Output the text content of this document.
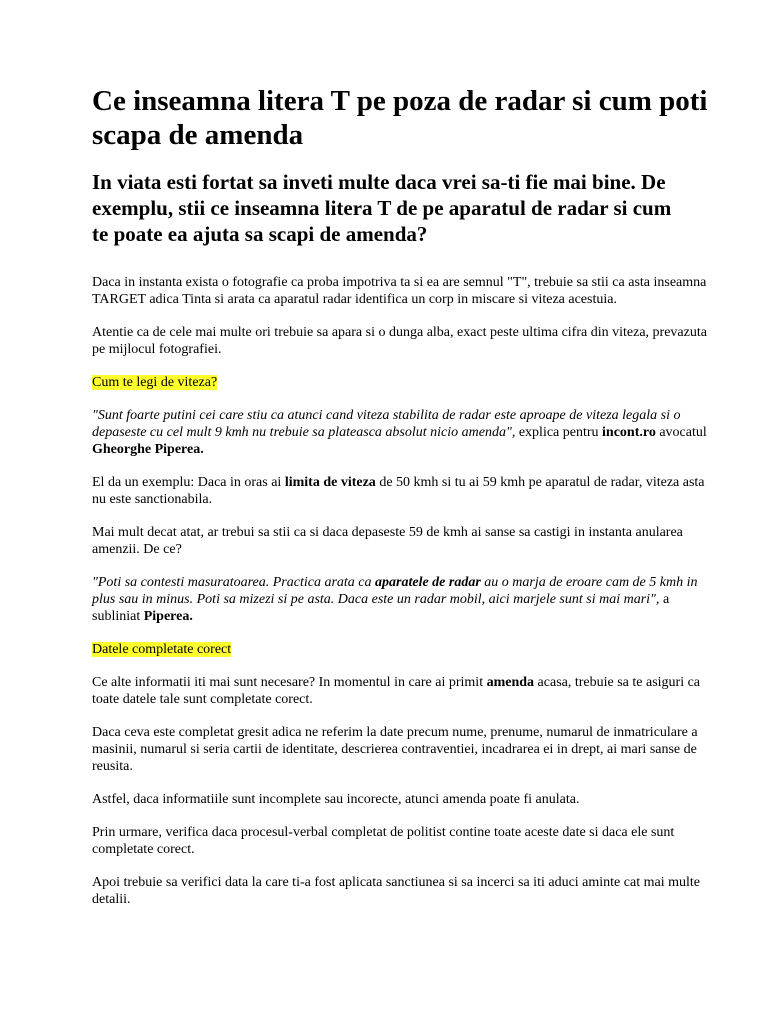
Ce inseamna litera T pe poza de radar si cum poti scapa de amenda
In viata esti fortat sa inveti multe daca vrei sa-ti fie mai bine. De exemplu, stii ce inseamna litera T de pe aparatul de radar si cum te poate ea ajuta sa scapi de amenda?

Daca in instanta exista o fotografie ca proba impotriva ta si ea are semnul "T", trebuie sa stii ca asta inseamna TARGET adica Tinta si arata ca aparatul radar identifica un corp in miscare si viteza acestuia.

Atentie ca de cele mai multe ori trebuie sa apara si o dunga alba, exact peste ultima cifra din viteza, prevazuta pe mijlocul fotografiei.

Cum te legi de viteza?

"Sunt foarte putini cei care stiu ca atunci cand viteza stabilita de radar este aproape de viteza legala si o depaseste cu cel mult 9 kmh nu trebuie sa plateasca absolut nicio amenda", explica pentru incont.ro avocatul Gheorghe Piperea.

El da un exemplu: Daca in oras ai limita de viteza de 50 kmh si tu ai 59 kmh pe aparatul de radar, viteza asta nu este sanctionabila.

Mai mult decat atat, ar trebui sa stii ca si daca depaseste 59 de kmh ai sanse sa castigi in instanta anularea amenzii. De ce?

"Poti sa contesti masuratoarea. Practica arata ca aparatele de radar au o marja de eroare cam de 5 kmh in plus sau in minus. Poti sa mizezi si pe asta. Daca este un radar mobil, aici marjele sunt si mai mari", a subliniat Piperea.

Datele completate corect

Ce alte informatii iti mai sunt necesare? In momentul in care ai primit amenda acasa, trebuie sa te asiguri ca toate datele tale sunt completate corect.

Daca ceva este completat gresit adica ne referim la date precum nume, prenume, numarul de inmatriculare a masinii, numarul si seria cartii de identitate, descrierea contraventiei, incadrarea ei in drept, ai mari sanse de reusita.

Astfel, daca informatiile sunt incomplete sau incorecte, atunci amenda poate fi anulata.

Prin urmare, verifica daca procesul-verbal completat de politist contine toate aceste date si daca ele sunt completate corect.

Apoi trebuie sa verifici data la care ti-a fost aplicata sanctiunea si sa incerci sa iti aduci aminte cat mai multe detalii.
